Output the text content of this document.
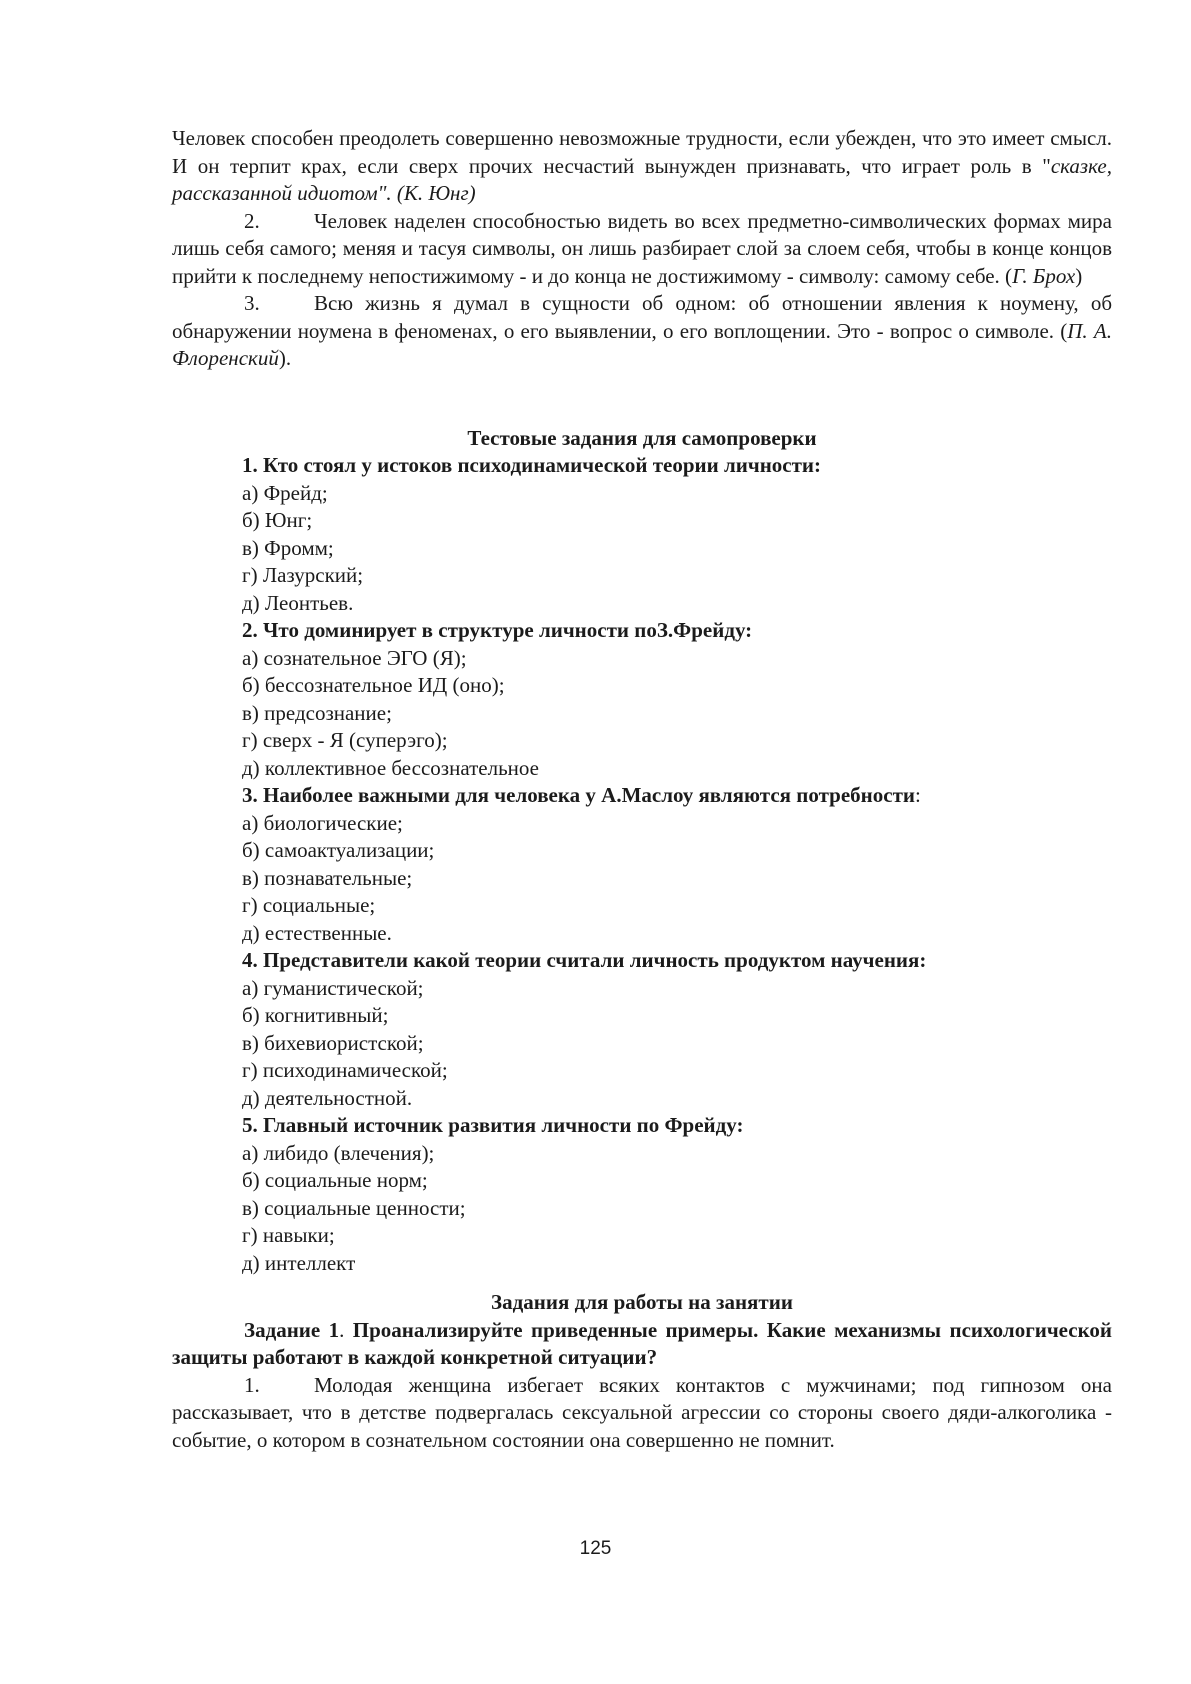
Человек способен преодолеть совершенно невозможные трудности, если убежден, что это имеет смысл. И он терпит крах, если сверх прочих несчастий вынужден признавать, что играет роль в "сказке, рассказанной идиотом". (К. Юнг)

2.	Человек наделен способностью видеть во всех предметно-символических формах мира лишь себя самого; меняя и тасуя символы, он лишь разбирает слой за слоем себя, чтобы в конце концов прийти к последнему непостижимому - и до конца не достижимому - символу: самому себе. (Г. Брох)

3.	Всю жизнь я думал в сущности об одном: об отношении явления к ноумену, об обнаружении ноумена в феноменах, о его выявлении, о его воплощении. Это - вопрос о символе. (П. А. Флоренский).

Тестовые задания для самопроверки

1. Кто стоял у истоков психодинамической теории личности:

а) Фрейд;

б) Юнг;

в) Фромм;

г) Лазурский;

д) Леонтьев.

2. Что доминирует в структуре личности поЗ.Фрейду:

а) сознательное ЭГО (Я);

б) бессознательное ИД (оно);

в) предсознание;

г) сверх - Я (суперэго);

д) коллективное бессознательное

3. Наиболее важными для человека у А.Маслоу являются потребности:

а) биологические;

б) самоактуализации;

в) познавательные;

г) социальные;

д) естественные.

4. Представители какой теории считали личность продуктом научения:

а) гуманистической;

б) когнитивный;

в) бихевиористской;

г) психодинамической;

д) деятельностной.

5. Главный источник развития личности по Фрейду:

а) либидо (влечения);

б) социальные норм;

в) социальные ценности;

г) навыки;

д) интеллект

Задания для работы на занятии

Задание 1. Проанализируйте приведенные примеры. Какие механизмы психологической защиты работают в каждой конкретной ситуации?

1.	Молодая женщина избегает всяких контактов с мужчинами; под гипнозом она рассказывает, что в детстве подвергалась сексуальной агрессии со стороны своего дяди-алкоголика - событие, о котором в сознательном состоянии она совершенно не помнит.

125
